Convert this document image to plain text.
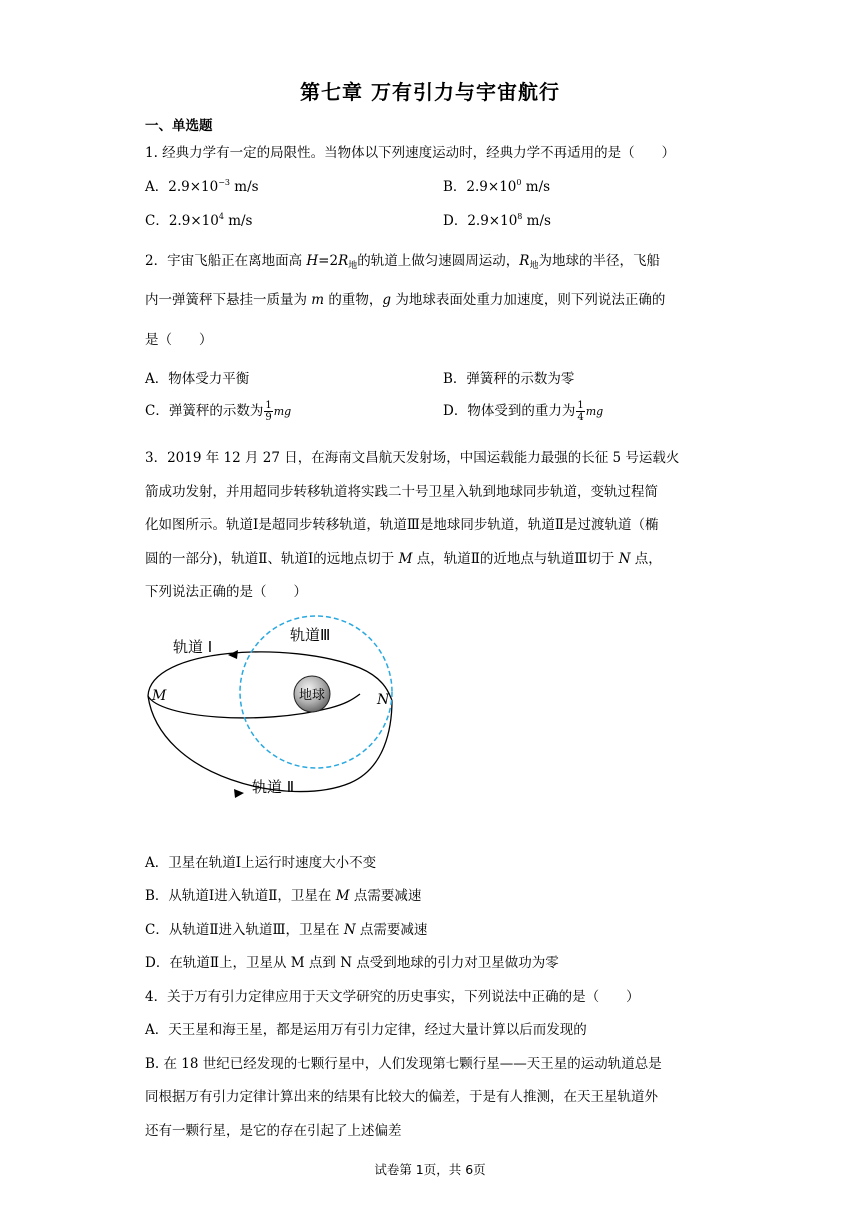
第七章 万有引力与宇宙航行
一、单选题
1. 经典力学有一定的局限性。当物体以下列速度运动时，经典力学不再适用的是（　　）
A．$2.9\times 10^{-3}$ m/s	B．$2.9\times 10^0$ m/s
C．$2.9\times 10^4$ m/s	D．$2.9\times 10^8$ m/s
2．宇宙飞船正在离地面高 $H=2R_地$的轨道上做匀速圆周运动，$R_地$为地球的半径，飞船
内一弹簧秤下悬挂一质量为 m 的重物，g 为地球表面处重力加速度，则下列说法正确的
是（　　）
A．物体受力平衡	B．弹簧秤的示数为零
C．弹簧秤的示数为 $\frac{1}{9}$ mg	D．物体受到的重力为 $\frac{1}{4}$ mg
3．2019 年 12 月 27 日，在海南文昌航天发射场，中国运载能力最强的长征 5 号运载火
箭成功发射，并用超同步转移轨道将实践二十号卫星入轨到地球同步轨道，变轨过程简
化如图所示。轨道Ⅰ是超同步转移轨道，轨道Ⅲ是地球同步轨道，轨道Ⅱ是过渡轨道（椭
圆的一部分)，轨道Ⅱ、轨道Ⅰ的远地点切于 M 点，轨道Ⅱ的近地点与轨道Ⅲ切于 N 点，
下列说法正确的是（　　）
地球
轨道 Ⅰ
轨道Ⅲ
轨道 Ⅱ
M	N
A．卫星在轨道Ⅰ上运行时速度大小不变
B．从轨道Ⅰ进入轨道Ⅱ，卫星在 M 点需要减速
C．从轨道Ⅱ进入轨道Ⅲ，卫星在 N 点需要减速
D．在轨道Ⅱ上，卫星从 M 点到 N 点受到地球的引力对卫星做功为零
4．关于万有引力定律应用于天文学研究的历史事实，下列说法中正确的是（　　）
A．天王星和海王星，都是运用万有引力定律，经过大量计算以后而发现的
B. 在 18 世纪已经发现的七颗行星中，人们发现第七颗行星——天王星的运动轨道总是
同根据万有引力定律计算出来的结果有比较大的偏差，于是有人推测，在天王星轨道外
还有一颗行星，是它的存在引起了上述偏差
试卷第 1页，共 6页
